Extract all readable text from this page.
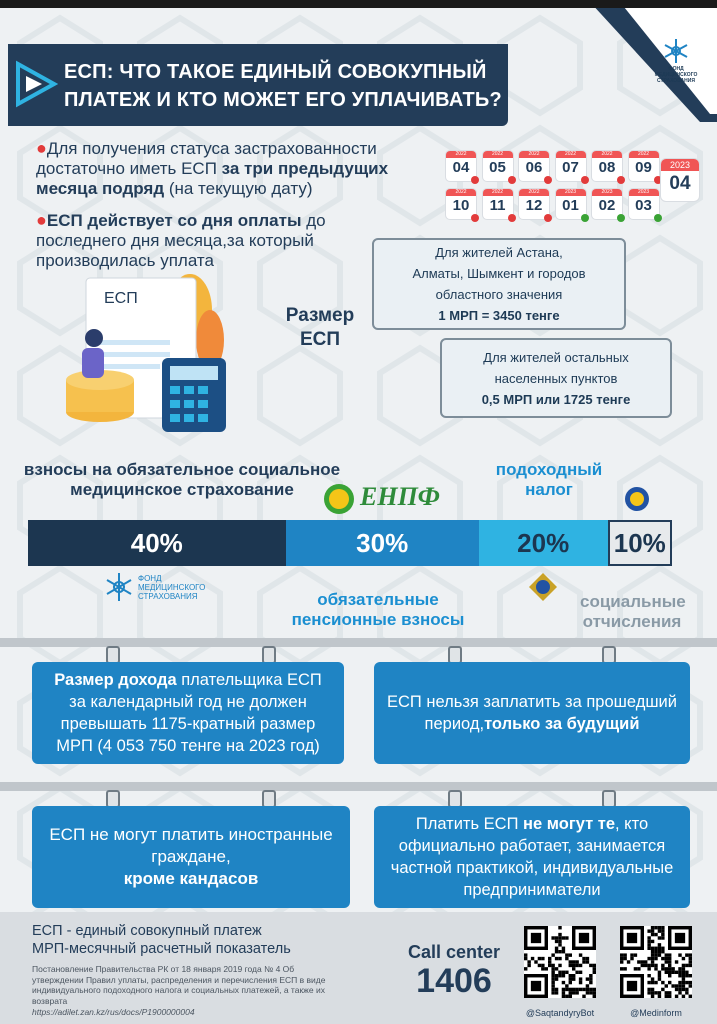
ФОНД МЕДИЦИНСКОГО СТРАХОВАНИЯ
ЕСП: ЧТО ТАКОЕ ЕДИНЫЙ СОВОКУПНЫЙ ПЛАТЕЖ И КТО МОЖЕТ ЕГО УПЛАЧИВАТЬ?
●Для получения статуса застрахованности достаточно иметь ЕСП за три предыдущих месяца подряд (на текущую дату)
●ЕСП действует со дня оплаты до последнего дня месяца,за который производилась уплата
2022
04
2022
05
2022
06
2022
07
2022
08
2022
09
2022
10
2022
11
2022
12
2023
01
2023
02
2023
03
2023
04
ЕСП
Размер ЕСП
Для жителей Астана,
Алматы, Шымкент и городов
областного значения
1 МРП = 3450 тенге
Для жителей остальных
населенных пунктов
0,5 МРП или 1725 тенге
взносы на обязательное социальное медицинское страхование
подоходный налог
ЕНПФ
40%	30%	20%	10%
ФОНД МЕДИЦИНСКОГО СТРАХОВАНИЯ	обязательные пенсионные взносы
социальные отчисления
Размер дохода плательщика ЕСП за календарный год не должен превышать 1175-кратный размер МРП (4 053 750 тенге на 2023 год)
ЕСП нельзя заплатить за прошедший период,только за будущий
ЕСП не могут платить иностранные граждане,
кроме кандасов
Платить ЕСП не могут те, кто официально работает, занимается частной практикой, индивидуальные предприниматели
ЕСП - единый совокупный платеж
МРП-месячный расчетный показатель
Постановление Правительства РК от 18 января 2019 года № 4 Об утверждении Правил уплаты, распределения и перечисления ЕСП в виде индивидуального подоходного налога и социальных платежей, а также их возврата
https://adilet.zan.kz/rus/docs/P1900000004
Call center
1406
@SaqtandyryBot	@Medinform
